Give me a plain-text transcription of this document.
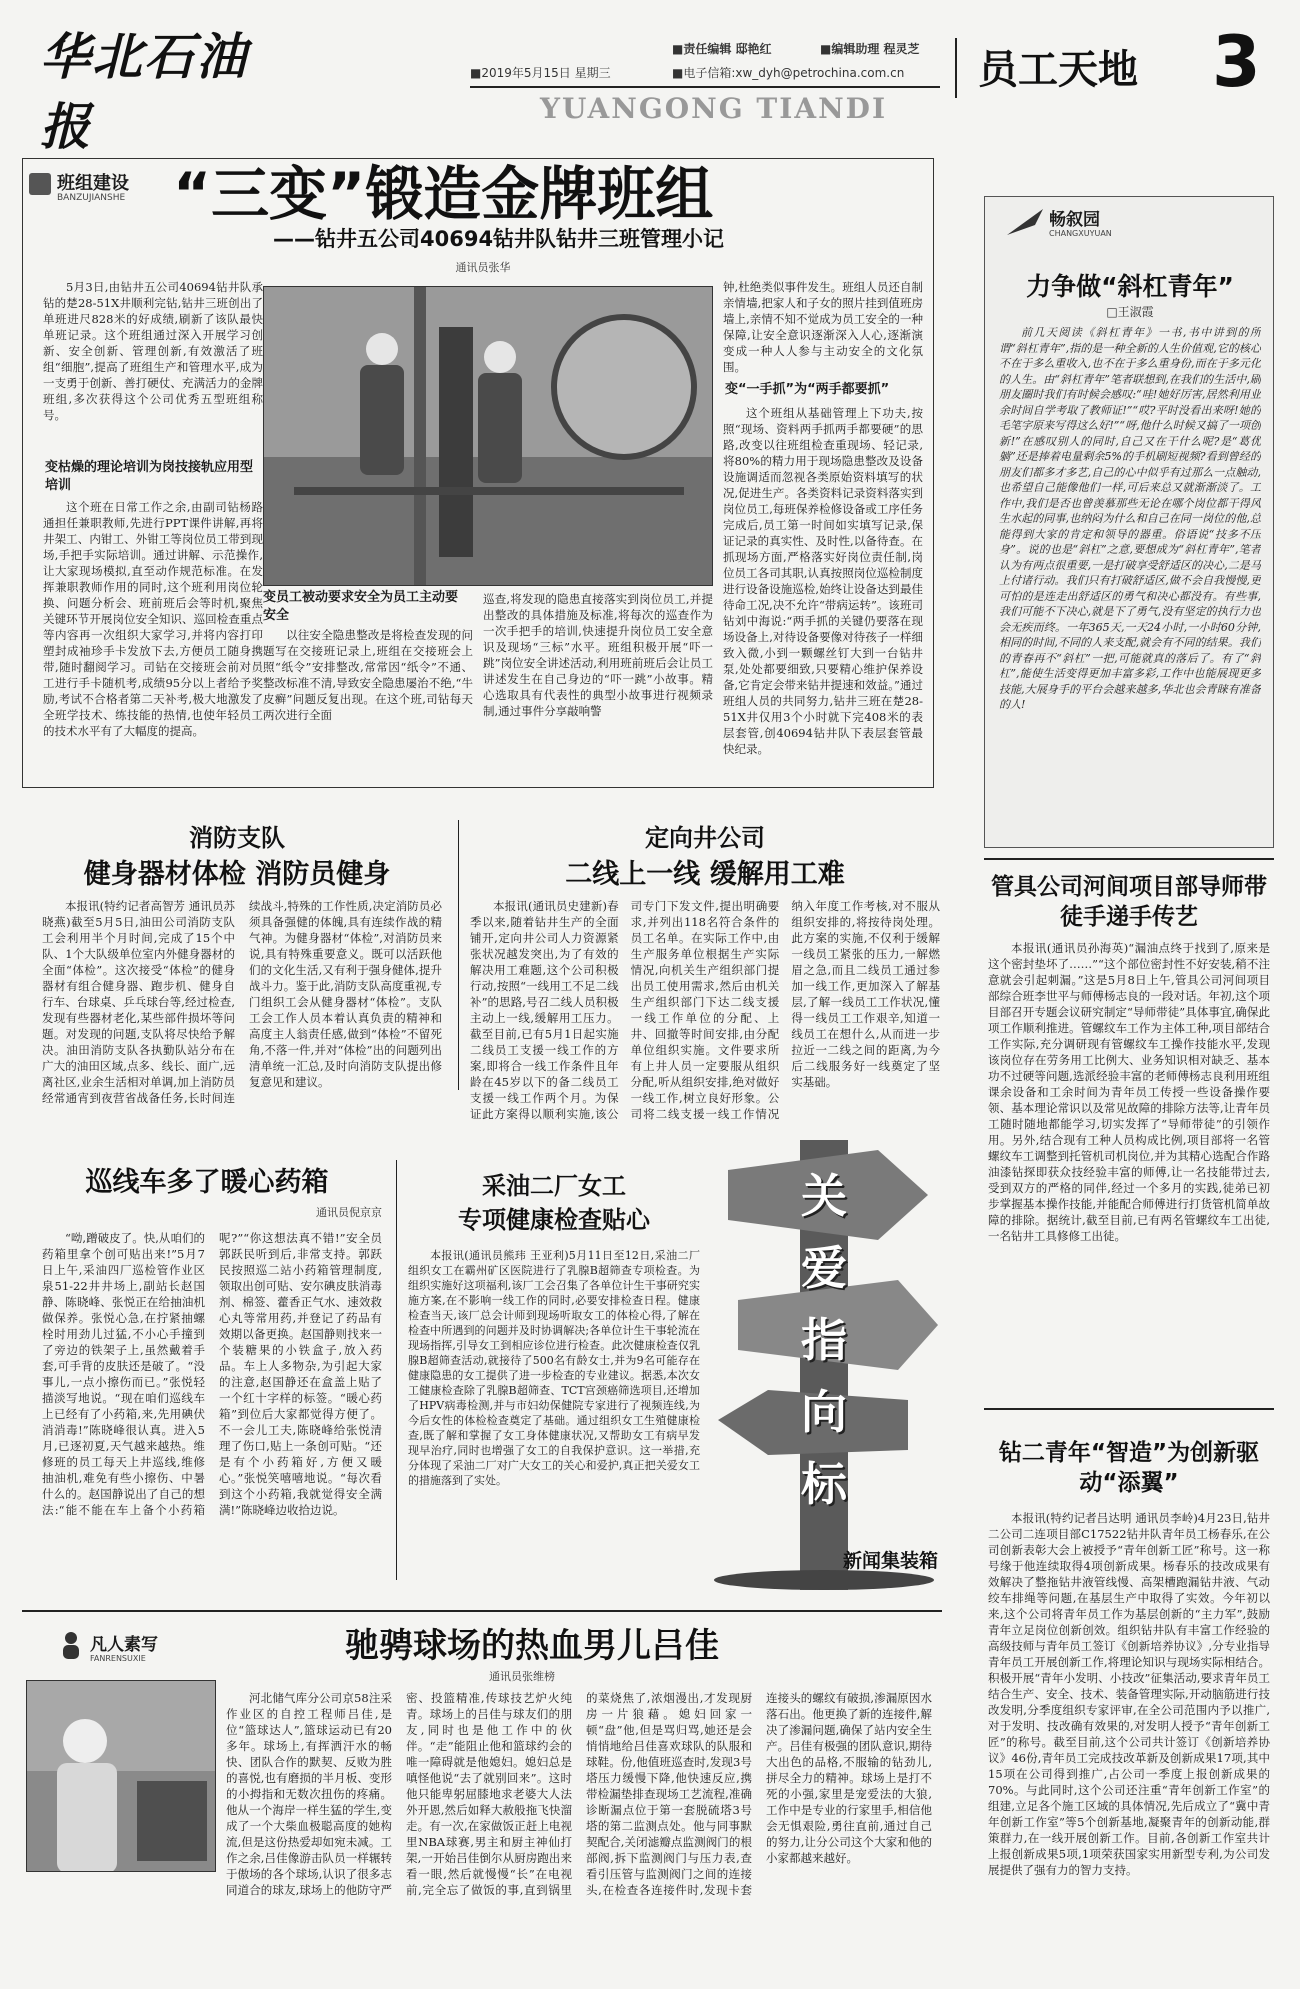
华北石油报
■责任编辑 邸艳红	■编辑助理 程灵芝
■2019年5月15日 星期三	■电子信箱:xw_dyh@petrochina.com.cn
YUANGONG TIANDI
员工天地 3
班组建设
BANZUJIANSHE “三变”锻造金牌班组
——钻井五公司40694钻井队钻井三班管理小记
通讯员张华
5月3日,由钻井五公司40694钻井队承钻的楚28-51X井顺利完钻,钻井三班创出了单班进尺828米的好成绩,刷新了该队最快单班记录。这个班组通过深入开展学习创新、安全创新、管理创新,有效激活了班组“细胞”,提高了班组生产和管理水平,成为一支勇于创新、善打硬仗、充满活力的金牌班组,多次获得这个公司优秀五型班组称号。
变枯燥的理论培训为岗技接轨应用型培训
这个班在日常工作之余,由副司钻杨路通担任兼职教师,先进行PPT课件讲解,再将井架工、内钳工、外钳工等岗位员工带到现场,手把手实际培训。通过讲解、示范操作,让大家现场模拟,直至动作规范标准。在发挥兼职教师作用的同时,这个班利用岗位轮换、问题分析会、班前班后会等时机,聚焦关键环节开展岗位安全知识、巡回检查重点等内容再一次组织大家学习,并将内容打印塑封成袖珍手卡发放下去,方便员工随身携带,随时翻阅学习。司钻在交接班会前对员工进行手卡随机考,成绩95分以上者给予奖励,考试不合格者第二天补考,极大地激发了全班学技术、练技能的热情,也使年轻员工的技术水平有了大幅度的提高。
变员工被动要求安全为员工主动要安全
以往安全隐患整改是将检查发现的问题写在交接班记录上,班组在交接班会上照“纸令”安排整改,常常因“纸令”不通、整改标准不清,导致安全隐患屡治不绝,“牛皮癣”问题反复出现。在这个班,司钻每天两次进行全面
巡查,将发现的隐患直接落实到岗位员工,并提出整改的具体措施及标准,将每次的巡查作为一次手把手的培训,快速提升岗位员工安全意识及现场“三标”水平。班组积极开展“吓一跳”岗位安全讲述活动,利用班前班后会让员工讲述发生在自己身边的“吓一跳”小故事。精心选取具有代表性的典型小故事进行视频录制,通过事件分享敲响警
钟,杜绝类似事件发生。班组人员还自制亲情墙,把家人和子女的照片挂到值班房墙上,亲情不知不觉成为员工安全的一种保障,让安全意识逐渐深入人心,逐渐演变成一种人人参与主动安全的文化氛围。
变“一手抓”为“两手都要抓”
这个班组从基础管理上下功夫,按照“现场、资料两手抓两手都要硬”的思路,改变以往班组检查重现场、轻记录,将80%的精力用于现场隐患整改及设备设施调适而忽视各类原始资料填写的状况,促进生产。各类资料记录资料落实到岗位员工,每班保养检修设备或工序任务完成后,员工第一时间如实填写记录,保证记录的真实性、及时性,以备待查。在抓现场方面,严格落实好岗位责任制,岗位员工各司其职,认真按照岗位巡检制度进行设备设施巡检,始终让设备达到最佳待命工况,决不允许“带病运转”。该班司钻刘中海说:“两手抓的关键仍要落在现场设备上,对待设备要像对待孩子一样细致入微,小到一颗螺丝钉大到一台钻井泵,处处都要细致,只要精心维护保养设备,它肯定会带来钻井提速和效益。”通过班组人员的共同努力,钻井三班在楚28-51X井仅用3个小时就下完408米的表层套管,创40694钻井队下表层套管最快纪录。
畅叙园
CHANGXUYUAN
力争做“斜杠青年”
□王淑霞
前几天阅读《斜杠青年》一书,书中讲到的所谓“斜杠青年”,指的是一种全新的人生价值观,它的核心不在于多么重收入,也不在于多么重身份,而在于多元化的人生。由“斜杠青年”笔者联想到,在我们的生活中,刷朋友圈时我们有时候会感叹:“哇!她好厉害,居然利用业余时间自学考取了教师证!”“哎?平时没看出来呀!她的毛笔字原来写得这么好!”“呀,他什么时候又搞了一项创新!”在感叹别人的同时,自己又在干什么呢?是“葛优躺”还是捧着电量剩余5%的手机刷短视频?看到曾经的朋友们都多才多艺,自己的心中似乎有过那么一点触动,也希望自己能像他们一样,可后来总又就渐渐淡了。工作中,我们是否也曾羡慕那些无论在哪个岗位都干得风生水起的同事,也纳闷为什么和自己在同一岗位的他,总能得到大家的肯定和领导的器重。俗语说“技多不压身”。说的也是“斜杠”之意,要想成为“斜杠青年”,笔者认为有两点很重要,一是打破享受舒适区的决心,二是马上付诸行动。我们只有打破舒适区,做不会自我慢慢,更可怕的是连走出舒适区的勇气和决心都没有。有些事,我们可能不下决心,就是下了勇气,没有坚定的执行力也会无疾而终。一年365天,一天24小时,一小时60分钟,相同的时间,不同的人来支配,就会有不同的结果。我们的青春再不“斜杠”一把,可能就真的落后了。有了“斜杠”,能使生活变得更加丰富多彩,工作中也能展现更多技能,大展身手的平台会越来越多,华北也会青睐有准备的人!
管具公司河间项目部导师带徒手递手传艺
本报讯(通讯员孙海英)“漏油点终于找到了,原来是这个密封垫坏了……”“这个部位密封性不好安装,稍不注意就会引起刺漏。”这是5月8日上午,管具公司河间项目部综合班李世平与师傅杨志良的一段对话。年初,这个项目部召开专题会议研究制定“导师带徒”具体事宜,确保此项工作顺利推进。管螺纹车工作为主体工种,项目部结合工作实际,充分调研现有管螺纹车工操作技能水平,发现该岗位存在劳务用工比例大、业务知识相对缺乏、基本功不过硬等问题,选派经验丰富的老师傅杨志良利用班组课余设备和工余时间为青年员工传授一些设备操作要领、基本理论常识以及常见故障的排除方法等,让青年员工随时随地都能学习,切实发挥了“导师带徒”的引领作用。另外,结合现有工种人员构成比例,项目部将一名管螺纹车工调整到托管机司机岗位,并为其精心选配合作路油漆钻探即获众技经验丰富的师傅,让一名技能带过去,受到双方的严格的同伴,经过一个多月的实践,徒弟已初步掌握基本操作技能,并能配合师傅进行打货管机简单故障的排除。据统计,截至目前,已有两名管螺纹车工出徒,一名钻井工具修修工出徒。
钻二青年“智造”为创新驱动“添翼”
本报讯(特约记者吕达明 通讯员李岭)4月23日,钻井二公司二连项目部C17522钻井队青年员工杨春乐,在公司创新表彰大会上被授予“青年创新工匠”称号。这一称号缘于他连续取得4项创新成果。杨春乐的技改成果有效解决了整拖钻井液管线慢、高架槽跑漏钻井液、气动绞车排绳等问题,在基层生产中取得了实效。今年初以来,这个公司将青年员工作为基层创新的“主力军”,鼓励青年立足岗位创新创效。组织钻井队有丰富工作经验的高级技师与青年员工签订《创新培养协议》,分专业指导青年员工开展创新工作,将理论知识与现场实际相结合。积极开展“青年小发明、小技改”征集活动,要求青年员工结合生产、安全、技术、装备管理实际,开动脑筋进行技改发明,分季度组织专家评审,在全公司范围内予以推广,对于发明、技改确有效果的,对发明人授予“青年创新工匠”的称号。截至目前,这个公司共计签订《创新培养协议》46份,青年员工完成技改革新及创新成果17项,其中15项在公司得到推广,占公司一季度上报创新成果的70%。与此同时,这个公司还注重“青年创新工作室”的组建,立足各个施工区域的具体情况,先后成立了“冀中青年创新工作室”等5个创新基地,凝聚青年的创新动能,群策群力,在一线开展创新工作。目前,各创新工作室共计上报创新成果5项,1项荣获国家实用新型专利,为公司发展提供了强有力的智力支持。
消防支队
健身器材体检 消防员健身
本报讯(特约记者高智芳 通讯员苏晓燕)截至5月5日,油田公司消防支队工会利用半个月时间,完成了15个中队、1个大队级单位室内外健身器材的全面“体检”。这次接受“体检”的健身器材有组合健身器、跑步机、健身自行车、台球桌、乒乓球台等,经过检查,发现有些器材老化,某些部件损坏等问题。对发现的问题,支队将尽快给予解决。油田消防支队各执勤队站分布在广大的油田区域,点多、线长、面广,远离社区,业余生活相对单调,加上消防员经常通宵到夜营省战备任务,长时间连续战斗,特殊的工作性质,决定消防员必须具备强健的体魄,具有连续作战的精气神。为健身器材“体检”,对消防员来说,具有特殊重要意义。既可以活跃他们的文化生活,又有利于强身健体,提升战斗力。鉴于此,消防支队高度重视,专门组织工会从健身器材“体检”。支队工会工作人员本着认真负责的精神和高度主人翁责任感,做到“体检”不留死角,不落一件,并对“体检”出的问题列出清单统一汇总,及时向消防支队提出修复意见和建议。
定向井公司
二线上一线 缓解用工难
本报讯(通讯员史建新)春季以来,随着钻井生产的全面铺开,定向井公司人力资源紧张状况越发突出,为了有效的解决用工难题,这个公司积极行动,按照“一线用工不足二线补”的思路,号召二线人员积极主动上一线,缓解用工压力。截至目前,已有5月1日起实施二线员工支援一线工作的方案,即将合一线工作条件且年龄在45岁以下的备二线员工支援一线工作两个月。为保证此方案得以顺利实施,该公司专门下发文件,提出明确要求,并列出118名符合条件的员工名单。在实际工作中,由生产服务单位根据生产实际情况,向机关生产组织部门提出员工使用需求,然后由机关生产组织部门下达二线支援一线工作单位的分配、上井、回撤等时间安排,由分配单位组织实施。文件要求所有上井人员一定要服从组织分配,听从组织安排,绝对做好一线工作,树立良好形象。公司将二线支援一线工作情况纳入年度工作考核,对不服从组织安排的,将按待岗处理。此方案的实施,不仅利于缓解一线员工紧张的压力,一解燃眉之急,而且二线员工通过参加一线工作,更加深入了解基层,了解一线员工工作状况,懂得一线员工工作艰辛,知道一线员工在想什么,从而进一步拉近一二线之间的距离,为今后二线服务好一线奠定了坚实基础。
巡线车多了暖心药箱
通讯员倪京京
“呦,蹭破皮了。快,从咱们的药箱里拿个创可贴出来!”5月7日上午,采油四厂巡检管作业区泉51-22井井场上,副站长赵国静、陈晓峰、张悦正在给抽油机做保养。张悦心急,在拧紧抽螺栓时用劲儿过猛,不小心手撞到了旁边的铁架子上,虽然戴着手套,可手背的皮肤还是破了。“没事儿,一点小擦伤而已。”张悦轻描淡写地说。“现在咱们巡线车上已经有了小药箱,来,先用碘伏消消毒!”陈晓峰很认真。进入5月,已逐初夏,天气越来越热。维修班的员工每天上井巡线,维修抽油机,难免有些小擦伤、中暑什么的。赵国静说出了自己的想法:“能不能在车上备个小药箱呢?”“你这想法真不错!”安全员郭跃民听到后,非常支持。郭跃民按照巡二站小药箱管理制度,领取出创可贴、安尔碘皮肤消毒剂、棉签、藿香正气水、速效救心丸等常用药,并登记了药品有效期以备更换。赵国静则找来一个装糖果的小铁盒子,放入药品。车上人多物杂,为引起大家的注意,赵国静还在盒盖上贴了一个红十字样的标签。“暖心药箱”到位后大家都觉得方便了。不一会儿工夫,陈晓峰给张悦清理了伤口,贴上一条创可贴。“还是有个小药箱好,方便又暖心。”张悦笑嘻嘻地说。“每次看到这个小药箱,我就觉得安全满满!”陈晓峰边收拾边说。
采油二厂女工
专项健康检查贴心
本报讯(通讯员熊玮 王亚利)5月11日至12日,采油二厂组织女工在霸州矿区医院进行了乳腺B超筛查专项检查。为组织实施好这项福利,该厂工会召集了各单位计生干事研究实施方案,在不影响一线工作的同时,必要安排检查日程。健康检查当天,该厂总会计师到现场听取女工的体检心得,了解在检查中所遇到的问题并及时协调解决;各单位计生干事轮流在现场指挥,引导女工到相应诊位进行检查。此次健康检查仅乳腺B超筛查活动,就接待了500名有龄女士,并为9名可能存在健康隐患的女工提供了进一步检查的专业建议。据悉,本次女工健康检查除了乳腺B超筛查、TCT宫颈癌筛选项目,还增加了HPV病毒检测,并与市妇幼保健院专家进行了视频连线,为今后女性的体检检查奠定了基础。通过组织女工生殖健康检查,既了解和掌握了女工身体健康状况,又帮助女工有病早发现早治疗,同时也增强了女工的自我保护意识。这一举措,充分体现了采油二厂对广大女工的关心和爱护,真正把关爱女工的措施落到了实处。
关爱指向标
新闻集装箱
凡人素写
FANRENSUXIE	驰骋球场的热血男儿吕佳
通讯员张维榜
河北储气库分公司京58注采作业区的自控工程师吕佳,是位“篮球达人”,篮球运动已有20多年。球场上,有挥洒汗水的畅快、团队合作的默契、反败为胜的喜悦,也有磨损的半月板、变形的小拇指和无数次扭伤的疼痛。他从一个海岸一样生猛的学生,变成了一个大柴血极聪高度的她构流,但是这份热爱却如宛未减。工作之余,吕佳像游击队员一样辗转于傲场的各个球场,认识了很多志同道合的球友,球场上的他防守严密、投篮精准,传球技艺炉火纯青。球场上的吕佳与球友们的朋友,同时也是他工作中的伙伴。“走”能阻止他和篮球约会的唯一障碍就是他媳妇。媳妇总是嗔怪他说“去了就别回来”。这时他只能卑躬屈膝地求老婆大人法外开恩,然后如释大赦般拖飞快溜走。有一次,在家做饭正赶上电视里NBA球赛,男主和厨主神仙打架,一开始吕佳倒尔从厨房跑出来看一眼,然后就慢慢“长”在电视前,完全忘了做饭的事,直到锅里的菜烧焦了,浓烟漫出,才发现厨房一片狼藉。媳妇回家一顿“盘”他,但是骂归骂,她还是会悄悄地给吕佳喜欢球队的队服和球鞋。份,他值班巡查时,发现3号塔压力缓慢下降,他快速反应,携带检漏垫排查现场工艺流程,准确诊断漏点位于第一套脱硫塔3号塔的第二监测点处。他与同事默契配合,关闭滤瓣点监测阀门的根部阀,拆下监测阀门与压力表,查看引压管与监测阀门之间的连接头,在检查各连接件时,发现卡套连接头的螺纹有破损,渗漏原因水落石出。他更换了新的连接件,解决了渗漏问题,确保了站内安全生产。吕佳有极强的团队意识,期待大出色的品格,不服输的钻劲儿,拼尽全力的精神。球场上是打不死的小强,家里是宠爱法的大狼,工作中是专业的行家里手,相信他会无惧艰险,勇往直前,通过自己的努力,让分公司这个大家和他的小家都越来越好。
